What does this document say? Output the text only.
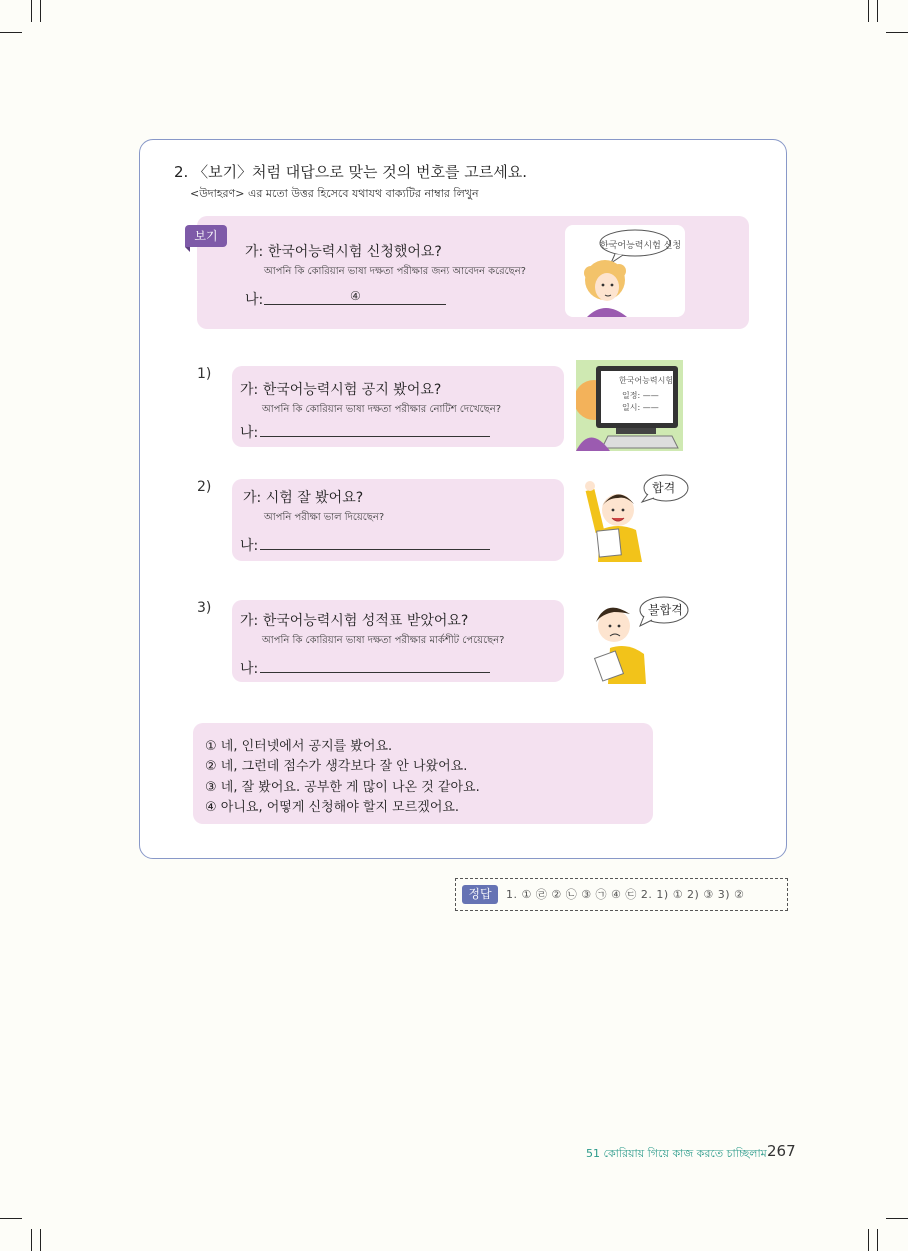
2. 〈보기〉처럼 대답으로 맞는 것의 번호를 고르세요.
<উদাহরণ> এর মতো উত্তর হিসেবে যথাযথ বাক্যটির নাম্বার লিখুন
보기
가: 한국어능력시험 신청했어요?
আপনি কি কোরিয়ান ভাষা দক্ষতা পরীক্ষার জন্য আবেদন করেছেন?
나:	④
한국어능력시험 신청
1)
가: 한국어능력시험 공지 봤어요?
আপনি কি কোরিয়ান ভাষা দক্ষতা পরীক্ষার নোটিশ দেখেছেন?
나:
한국어능력시험
일정: ——
일시: ——
2)
가: 시험 잘 봤어요?
আপনি পরীক্ষা ভাল দিয়েছেন?
나:
합격
3)
가: 한국어능력시험 성적표 받았어요?
আপনি কি কোরিয়ান ভাষা দক্ষতা পরীক্ষার মার্কশীট পেয়েছেন?
나:
불합격
① 네, 인터넷에서 공지를 봤어요.
② 네, 그런데 점수가 생각보다 잘 안 나왔어요.
③ 네, 잘 봤어요. 공부한 게 많이 나온 것 같아요.
④ 아니요, 어떻게 신청해야 할지 모르겠어요.
정답	1. ① ㉣ ② ㉡ ③ ㉠ ④ ㉢ 2. 1) ① 2) ③ 3) ②
51 কোরিয়ায় গিয়ে কাজ করতে চাচ্ছিলাম 267
